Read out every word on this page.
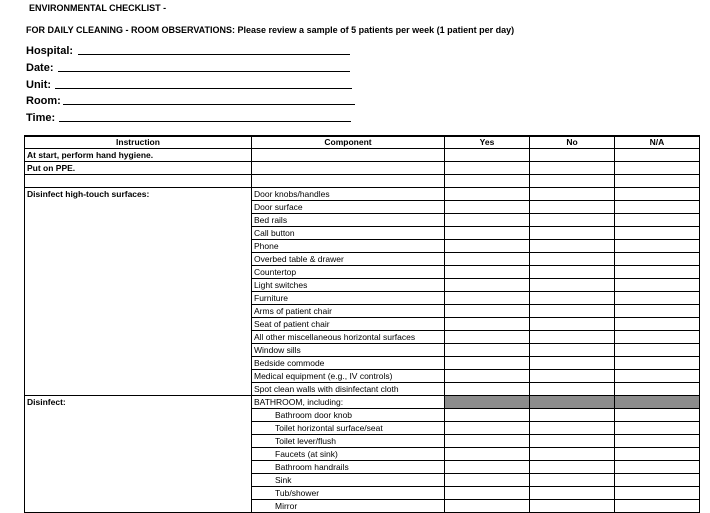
ENVIRONMENTAL CHECKLIST -
FOR DAILY CLEANING - ROOM OBSERVATIONS: Please review a sample of 5 patients per week (1 patient per day)
Hospital:
Date:
Unit:
Room:
Time:
Instruction	Component	Yes	No	N/A
At start, perform hand hygiene.				
Put on PPE.				

Disinfect high-touch surfaces:	Door knobs/handles			
	Door surface			
	Bed rails			
	Call button			
	Phone			
	Overbed table & drawer			
	Countertop			
	Light switches			
	Furniture			
	Arms of patient chair			
	Seat of patient chair			
	All other miscellaneous horizontal surfaces			
	Window sills			
	Bedside commode			
	Medical equipment (e.g., IV controls)			
	Spot clean walls with disinfectant cloth			
Disinfect:	BATHROOM, including:			
	Bathroom door knob			
	Toilet horizontal surface/seat			
	Toilet lever/flush			
	Faucets (at sink)			
	Bathroom handrails			
	Sink			
	Tub/shower			
	Mirror			
